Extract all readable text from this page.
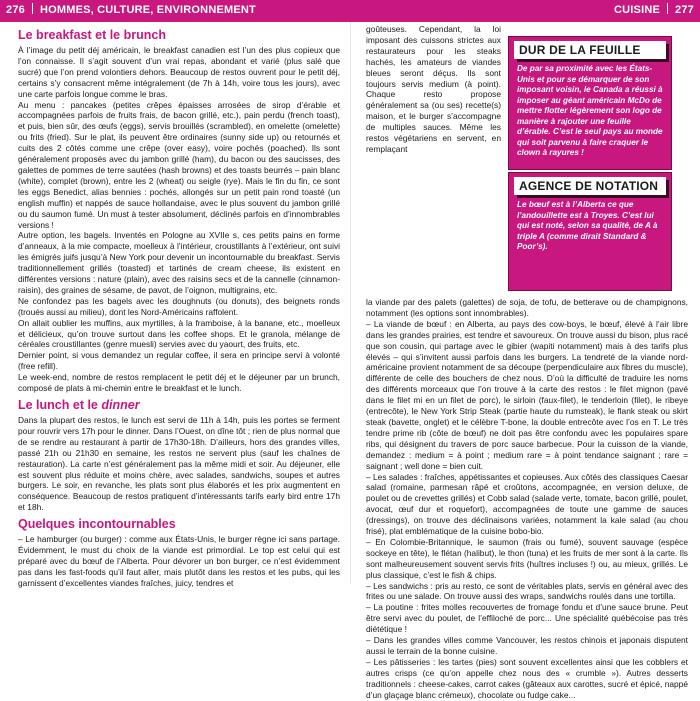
276 HOMMES, CULTURE, ENVIRONNEMENT	CUISINE 277
Le breakfast et le brunch

À l’image du petit déj américain, le breakfast canadien est l’un des plus copieux que l’on connaisse. Il s’agit souvent d’un vrai repas, abondant et varié (plus salé que sucré) que l’on prend volontiers dehors. Beaucoup de restos ouvrent pour le petit déj, certains s’y consacrent même intégralement (de 7h à 14h, voire tous les jours), avec une carte parfois longue comme le bras.

Au menu : pancakes (petites crêpes épaisses arrosées de sirop d’érable et accompagnées parfois de fruits frais, de bacon grillé, etc.), pain perdu (french toast), et puis, bien sûr, des œufs (eggs), servis brouillés (scrambled), en omelette (omelette) ou frits (fried). Sur le plat, ils peuvent être ordinaires (sunny side up) ou retournés et cuits des 2 côtés comme une crêpe (over easy), voire pochés (poached). Ils sont généralement proposés avec du jambon grillé (ham), du bacon ou des saucisses, des galettes de pommes de terre sautées (hash browns) et des toasts beurrés – pain blanc (white), complet (brown), entre les 2 (wheat) ou seigle (rye). Mais le fin du fin, ce sont les eggs Benedict, alias bennies : pochés, allongés sur un petit pain rond toasté (un english muffin) et nappés de sauce hollandaise, avec le plus souvent du jambon grillé ou du saumon fumé. Un must à tester absolument, déclinés parfois en d’innombrables versions !

Autre option, les bagels. Inventés en Pologne au XVIIe s, ces petits pains en forme d’anneaux, à la mie compacte, moelleux à l’intérieur, croustillants à l’extérieur, ont suivi les émigrés juifs jusqu’à New York pour devenir un incontournable du breakfast. Servis traditionnellement grillés (toasted) et tartinés de cream cheese, ils existent en différentes versions : nature (plain), avec des raisins secs et de la cannelle (cinnamon-raisin), des graines de sésame, de pavot, de l’oignon, multigrains, etc.

Ne confondez pas les bagels avec les doughnuts (ou donuts), des beignets ronds (troués aussi au milieu), dont les Nord-Américains raffolent.

On allait oublier les muffins, aux myrtilles, à la framboise, à la banane, etc., moelleux et délicieux, qu’on trouve surtout dans les coffee shops. Et le granola, mélange de céréales croustillantes (genre muesli) servies avec du yaourt, des fruits, etc.

Dernier point, si vous demandez un regular coffee, il sera en principe servi à volonté (free refill).

Le week-end, nombre de restos remplacent le petit déj et le déjeuner par un brunch, composé de plats à mi-chemin entre le breakfast et le lunch.

Le lunch et le dinner

Dans la plupart des restos, le lunch est servi de 11h à 14h, puis les portes se ferment pour rouvrir vers 17h pour le dinner. Dans l’Ouest, on dîne tôt ; rien de plus normal que de se rendre au restaurant à partir de 17h30-18h. D’ailleurs, hors des grandes villes, passé 21h ou 21h30 en semaine, les restos ne servent plus (sauf les chaînes de restauration). La carte n’est généralement pas la même midi et soir. Au déjeuner, elle est souvent plus réduite et moins chère, avec salades, sandwichs, soupes et autres burgers. Le soir, en revanche, les plats sont plus élaborés et les prix augmentent en conséquence. Beaucoup de restos pratiquent d’intéressants tarifs early bird entre 17h et 18h.

Quelques incontournables

– Le hamburger (ou burger) : comme aux États-Unis, le burger règne ici sans partage. Évidemment, le must du choix de la viande est primordial. Le top est celui qui est préparé avec du bœuf de l’Alberta. Pour dévorer un bon burger, ce n’est évidemment pas dans les fast-foods qu’il faut aller, mais plutôt dans les restos et les pubs, qui les garnissent d’excellentes viandes fraîches, juicy, tendres et

goûteuses. Cependant, la loi imposant des cuissons strictes aux restaurateurs pour les steaks hachés, les amateurs de viandes bleues seront déçus. Ils sont toujours servis medium (à point). Chaque resto propose généralement sa (ou ses) recette(s) maison, et le burger s’accompagne de multiples sauces. Même les restos végétariens en servent, en remplaçant

DUR DE LA FEUILLE
De par sa proximité avec les États-Unis et pour se démarquer de son imposant voisin, le Canada a réussi à imposer au géant américain McDo de mettre flotter légèrement son logo de manière à rajouter une feuille d’érable. C’est le seul pays au monde qui soit parvenu à faire craquer le clown à rayures !
AGENCE DE NOTATION
Le bœuf est à l’Alberta ce que l’andouillette est à Troyes. C’est lui qui est noté, selon sa qualité, de A à triple A (comme dirait Standard & Poor’s).

la viande par des palets (galettes) de soja, de tofu, de betterave ou de champignons, notamment (les options sont innombrables).

– La viande de bœuf : en Alberta, au pays des cow-boys, le bœuf, élevé à l’air libre dans les grandes prairies, est tendre et savoureux. On trouve aussi du bison, plus racé que son cousin, qui partage avec le gibier (wapiti notamment) mais à des tarifs plus élevés – qui s’invitent aussi parfois dans les burgers. La tendreté de la viande nord-américaine provient notamment de sa découpe (perpendiculaire aux fibres du muscle), différente de celle des bouchers de chez nous. D’où la difficulté de traduire les noms des différents morceaux que l’on trouve à la carte des restos : le filet mignon (pavé dans le filet mi en un filet de porc), le sirloin (faux-filet), le tenderloin (filet), le ribeye (entrecôte), le New York Strip Steak (partie haute du rumsteak), le flank steak ou skirt steak (bavette, onglet) et le célèbre T-bone, la double entrecôte avec l’os en T. Le très tendre prime rib (côte de bœuf) ne doit pas être confondu avec les populaires spare ribs, qui désignent du travers de porc sauce barbecue. Pour la cuisson de la viande, demandez : medium = à point ; medium rare = à point tendance saignant ; rare = saignant ; well done = bien cuit.

– Les salades : fraîches, appétissantes et copieuses. Aux côtés des classiques Caesar salad (romaine, parmesan râpé et croûtons, accompagnée, en version deluxe, de poulet ou de crevettes grillés) et Cobb salad (salade verte, tomate, bacon grillé, poulet, avocat, œuf dur et roquefort), accompagnées de toute une gamme de sauces (dressings), on trouve des déclinaisons variées, notamment la kale salad (au chou frisé), plat emblématique de la cuisine bobo-bio.

– En Colombie-Britannique, le saumon (frais ou fumé), souvent sauvage (espèce sockeye en tête), le flétan (halibut), le thon (tuna) et les fruits de mer sont à la carte. Ils sont malheureusement souvent servis frits (huîtres incluses !) ou, au mieux, grillés. Le plus classique, c’est le fish & chips.

– Les sandwichs : pris au resto, ce sont de véritables plats, servis en général avec des frites ou une salade. On trouve aussi des wraps, sandwichs roulés dans une tortilla.

– La poutine : frites molles recouvertes de fromage fondu et d’une sauce brune. Peut être servi avec du poulet, de l’effiloché de porc... Une spécialité québécoise pas très diététique !

– Dans les grandes villes comme Vancouver, les restos chinois et japonais disputent aussi le terrain de la bonne cuisine.

– Les pâtisseries : les tartes (pies) sont souvent excellentes ainsi que les cobblers et autres crisps (ce qu’on appelle chez nous des « crumble »). Autres desserts traditionnels : cheese-cakes, carrot cakes (gâteaux aux carottes, sucré et épicé, nappé d’un glaçage blanc crémeux), chocolate ou fudge cake...
